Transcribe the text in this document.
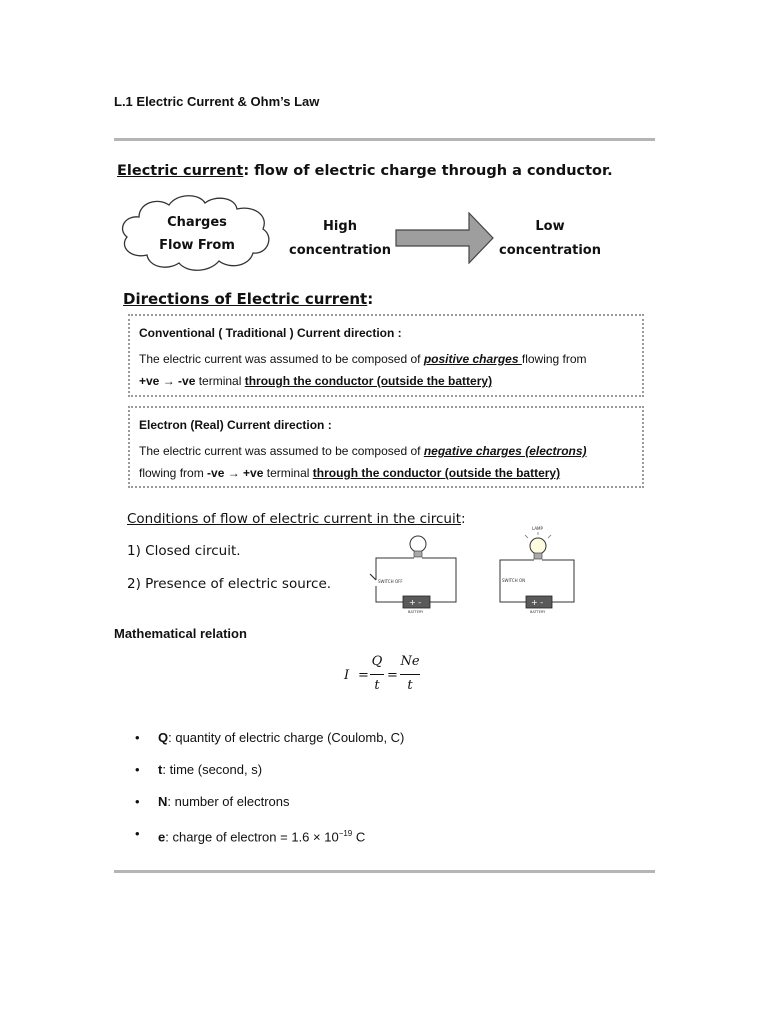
L.1 Electric Current & Ohm’s Law
Electric current: flow of electric charge through a conductor.
Charges
Flow From
High
concentration
Low
concentration
Directions of Electric current:
Conventional ( Traditional ) Current direction :
The electric current was assumed to be composed of positive charges flowing from
+ve → -ve terminal through the conductor (outside the battery)
Electron (Real) Current direction :
The electric current was assumed to be composed of negative charges (electrons)
flowing from -ve → +ve terminal through the conductor (outside the battery)
Conditions of flow of electric current in the circuit:
1) Closed circuit.
2) Presence of electric source.
+ -
SWITCH OFF
BATTERY
LAMP
+ -
SWITCH ON
BATTERY
Mathematical relation
I =
Q
t
=
Ne
t
• Q: quantity of electric charge (Coulomb, C)
• t: time (second, s)
• N: number of electrons
• e: charge of electron = $1.6 \times 10^{-19}$ C
